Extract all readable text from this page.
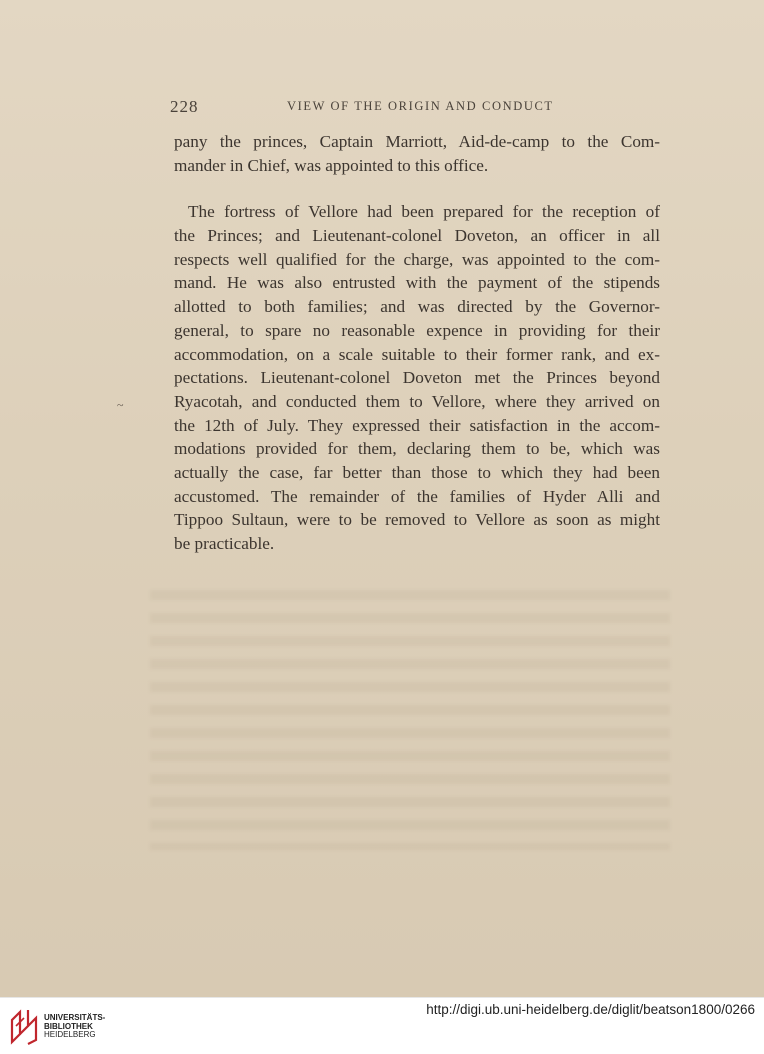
228	VIEW OF THE ORIGIN AND CONDUCT
pany the princes, Captain Marriott, Aid-de-camp to the Com-
mander in Chief, was appointed to this office.
The fortress of Vellore had been prepared for the reception of
the Princes; and Lieutenant-colonel Doveton, an officer in all
respects well qualified for the charge, was appointed to the com-
mand. He was also entrusted with the payment of the stipends
allotted to both families; and was directed by the Governor-
general, to spare no reasonable expence in providing for their
accommodation, on a scale suitable to their former rank, and ex-
pectations. Lieutenant-colonel Doveton met the Princes beyond
Ryacotah, and conducted them to Vellore, where they arrived on
the 12th of July. They expressed their satisfaction in the accom-
modations provided for them, declaring them to be, which was
actually the case, far better than those to which they had been
accustomed. The remainder of the families of Hyder Alli and
Tippoo Sultaun, were to be removed to Vellore as soon as might
be practicable.
~
UNIVERSITÄTS-
BIBLIOTHEK
HEIDELBERG
http://digi.ub.uni-heidelberg.de/diglit/beatson1800/0266
